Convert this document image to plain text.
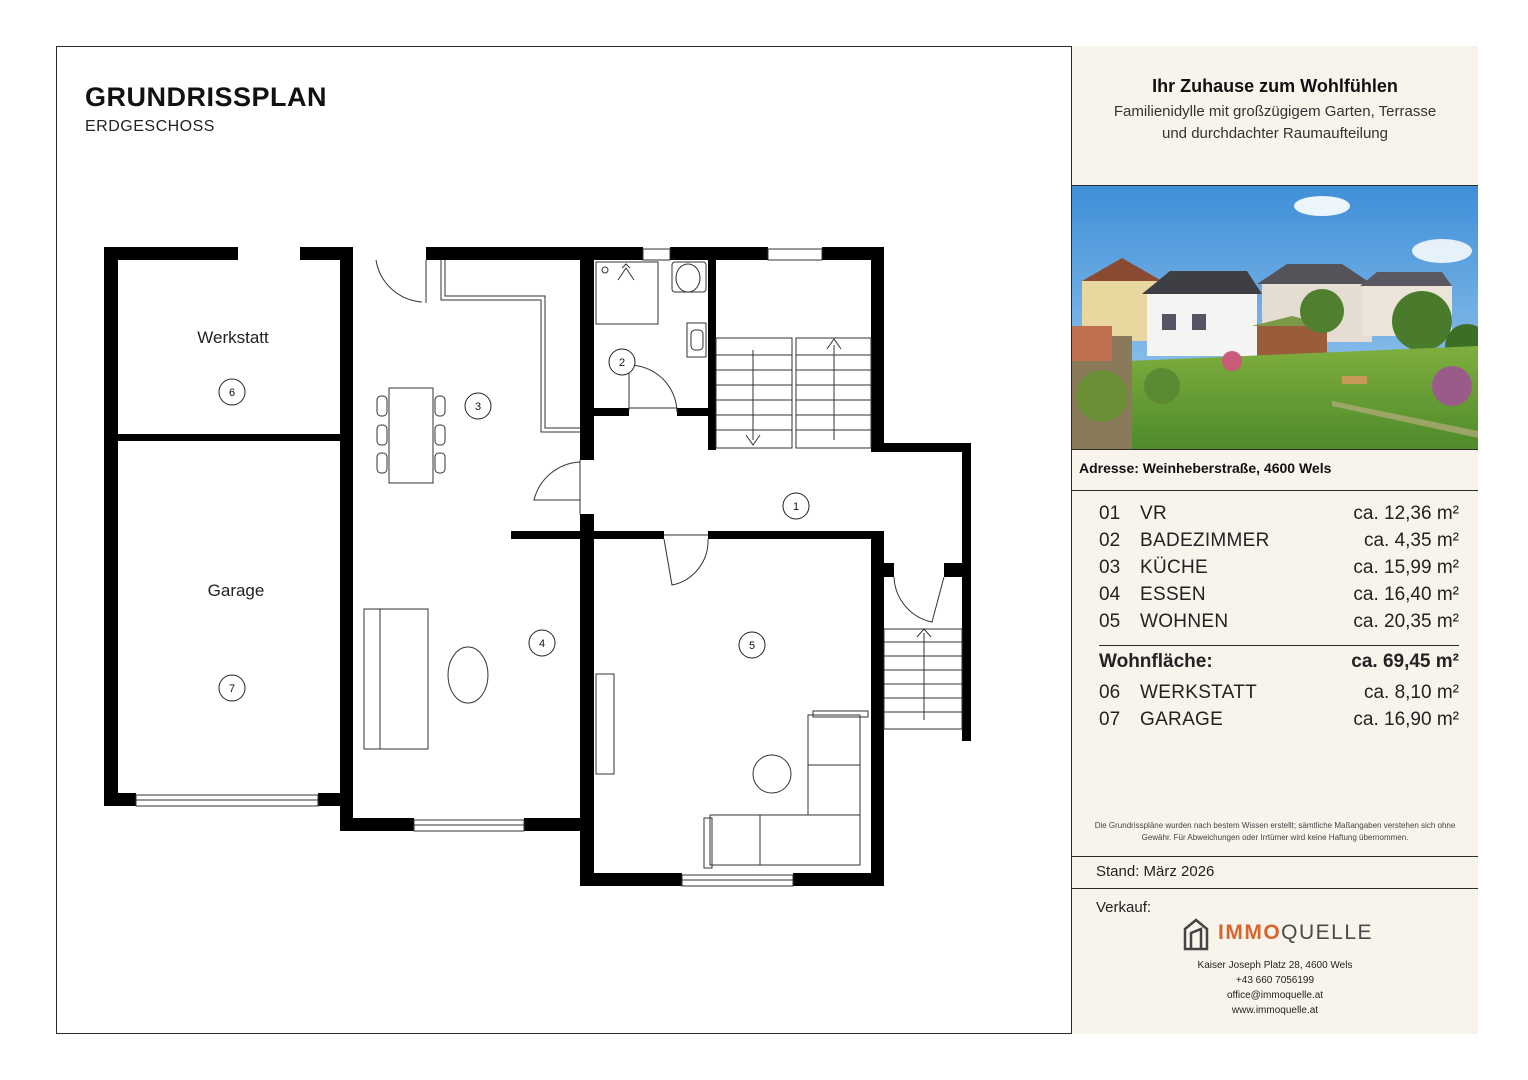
GRUNDRISSPLAN
ERDGESCHOSS
Werkstatt
Garage
1
2
3
4	5
6
7
Ihr Zuhause zum Wohlfühlen
Familienidylle mit großzügigem Garten, Terrasse
und durchdachter Raumaufteilung
Adresse: Weinheberstraße, 4600 Wels
01 VR	ca. 12,36 m²
02 BADEZIMMER	ca. 4,35 m²
03 KÜCHE	ca. 15,99 m²
04 ESSEN	ca. 16,40 m²
05 WOHNEN	ca. 20,35 m²
Wohnfläche:	ca. 69,45 m²
06 WERKSTATT	ca. 8,10 m²
07 GARAGE	ca. 16,90 m²
Die Grundrisspläne wurden nach bestem Wissen erstellt; sämtliche Maßangaben verstehen sich ohne Gewähr. Für Abweichungen oder Irrtümer wird keine Haftung übernommen.
Stand: März 2026
Verkauf:
IMMOQUELLE
Kaiser Joseph Platz 28, 4600 Wels
+43 660 7056199
office@immoquelle.at
www.immoquelle.at
